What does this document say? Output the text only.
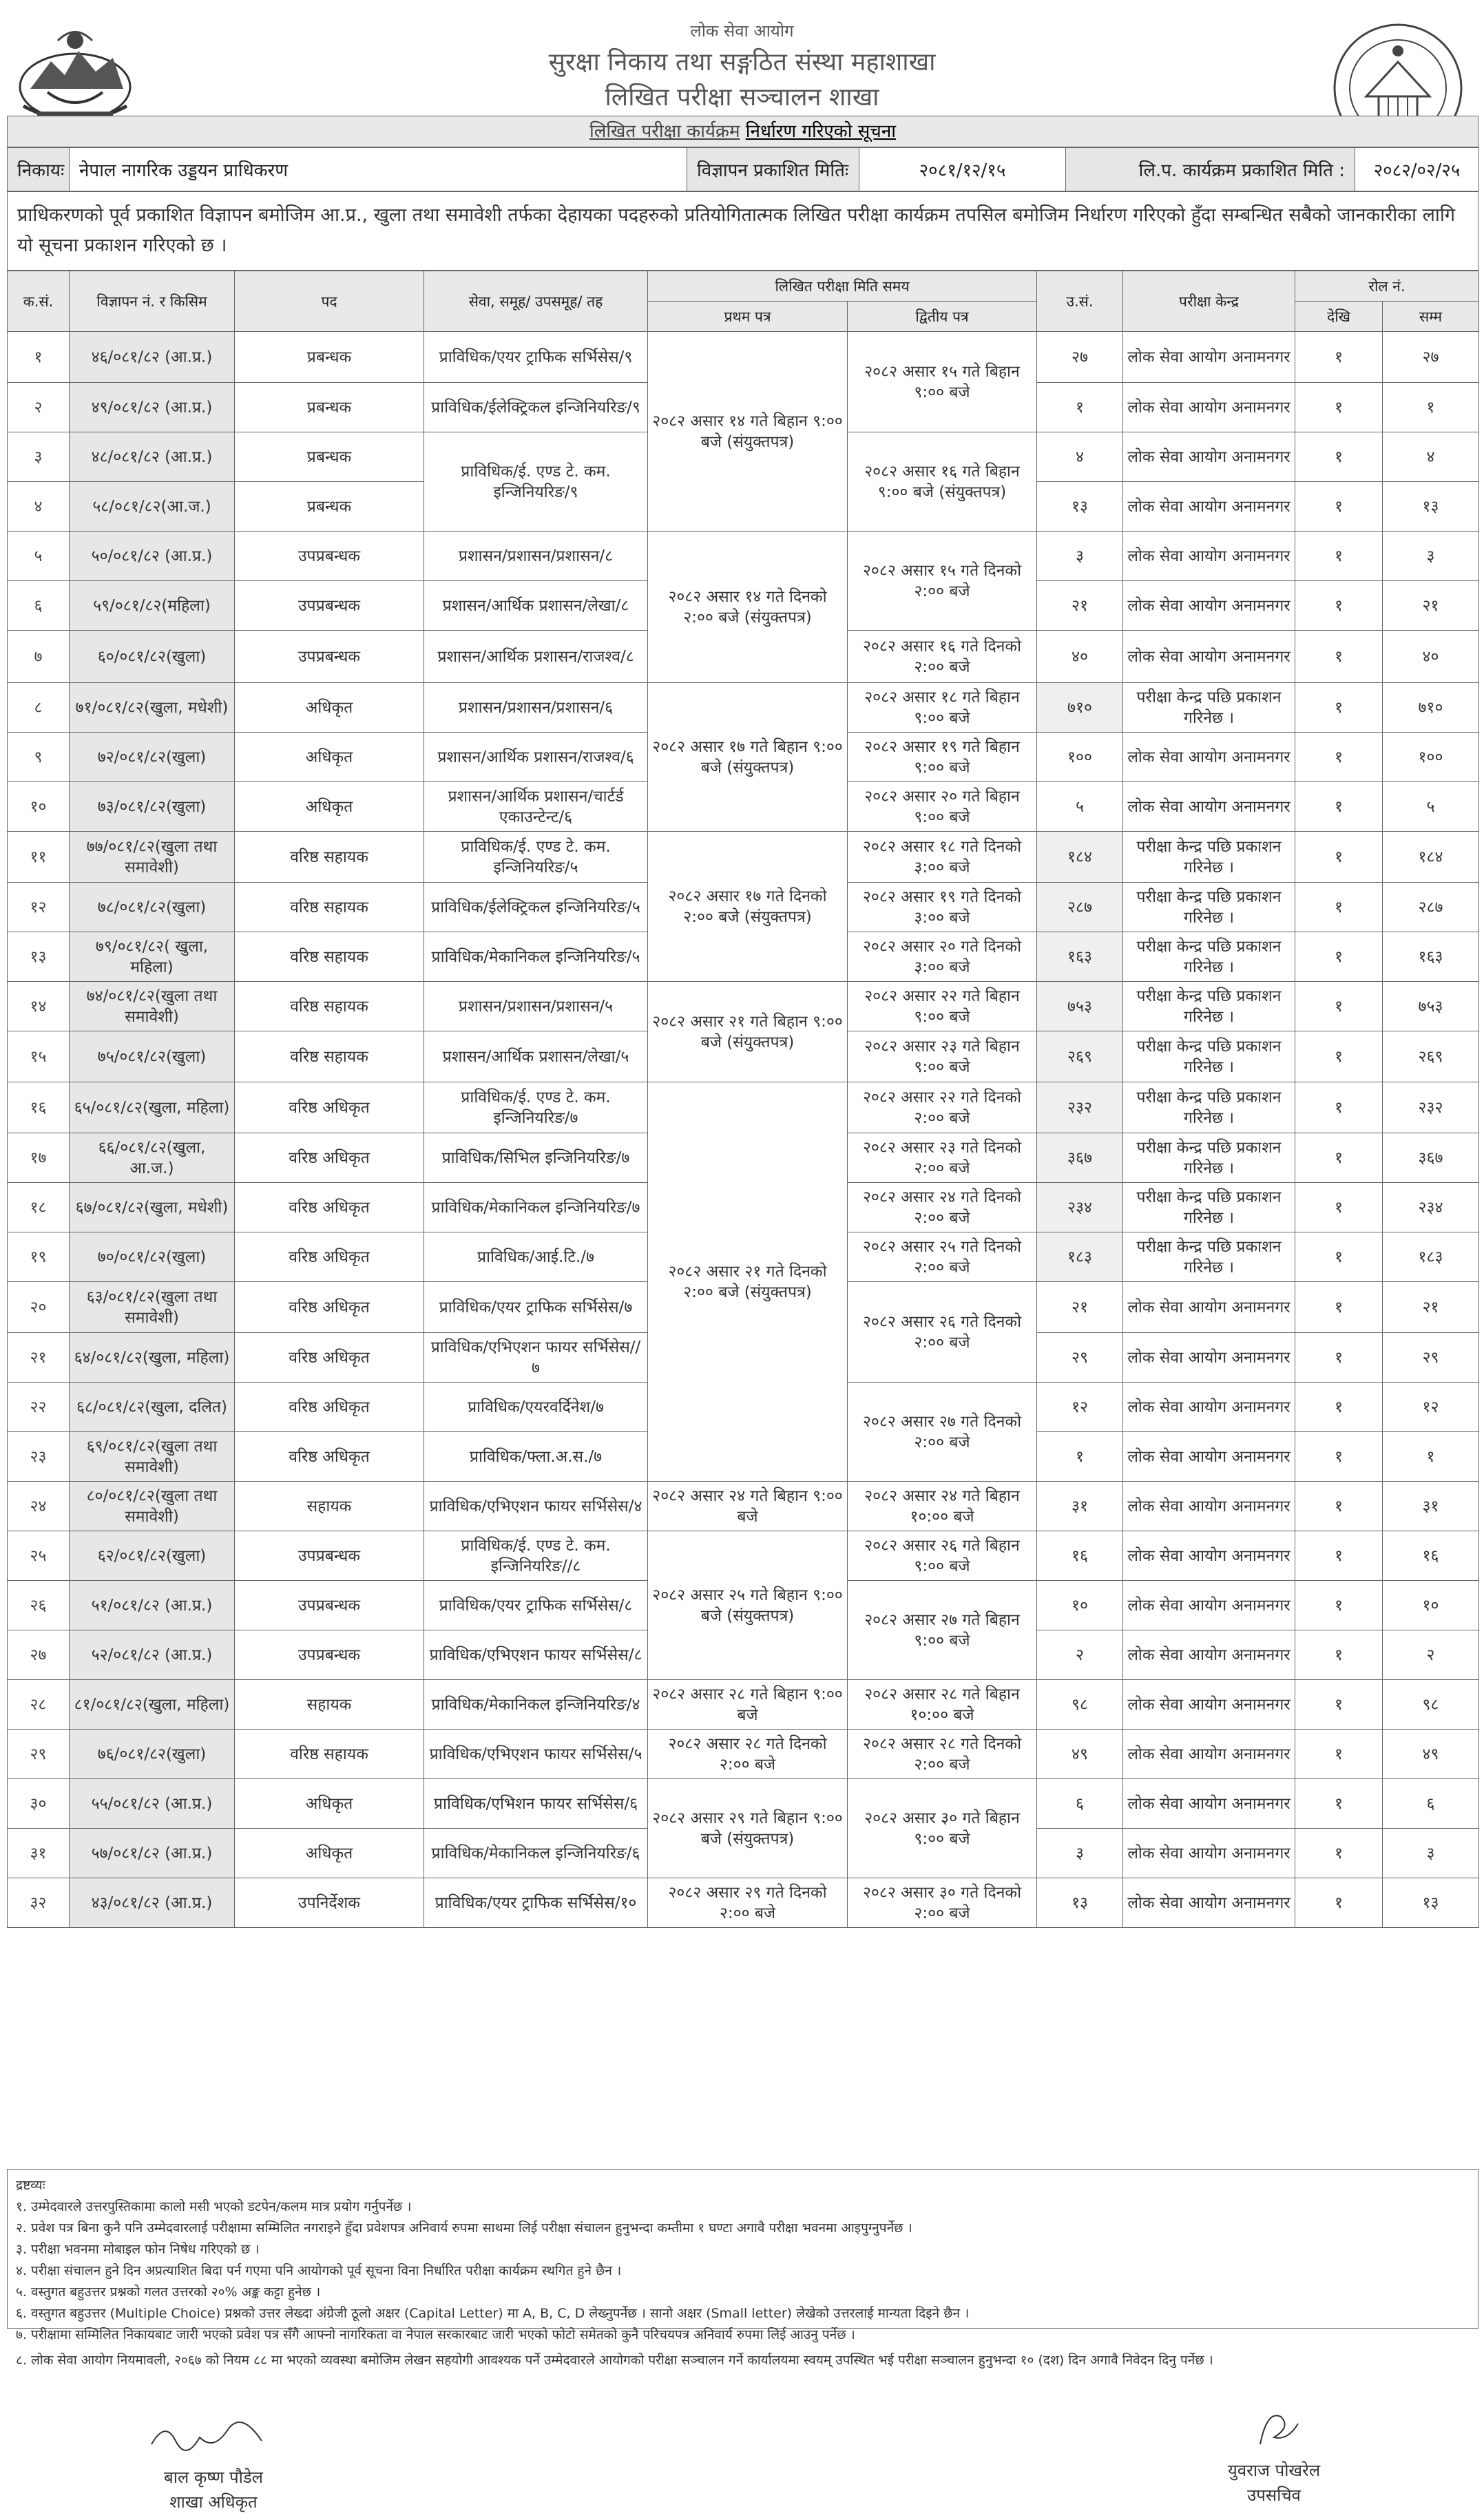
लोक सेवा आयोग
सुरक्षा निकाय तथा सङ्गठित संस्था महाशाखा
लिखित परीक्षा सञ्चालन शाखा
लिखित परीक्षा कार्यक्रम निर्धारण गरिएको सूचना
निकायः	नेपाल नागरिक उड्डयन प्राधिकरण	विज्ञापन प्रकाशित मितिः	२०८१/१२/१५	लि.प. कार्यक्रम प्रकाशित मिति :	२०८२/०२/२५
प्राधिकरणको पूर्व प्रकाशित विज्ञापन बमोजिम आ.प्र., खुला तथा समावेशी तर्फका देहायका पदहरुको प्रतियोगितात्मक लिखित परीक्षा कार्यक्रम तपसिल बमोजिम निर्धारण गरिएको हुँदा सम्बन्धित सबैको जानकारीका लागि यो सूचना प्रकाशन गरिएको छ ।
क.सं.	विज्ञापन नं. र किसिम	पद	सेवा, समूह/ उपसमूह/ तह	लिखित परीक्षा मिति समय		उ.सं.	परीक्षा केन्द्र	रोल नं.	
				प्रथम पत्र	द्वितीय पत्र			देखि	सम्म
१	४६/०८१/८२ (आ.प्र.)	प्रबन्धक	प्राविधिक/एयर ट्राफिक सर्भिसेस/९	२०८२ असार १४ गते बिहान ९:०० बजे (संयुक्तपत्र)	२०८२ असार १५ गते बिहान ९:०० बजे	२७	लोक सेवा आयोग अनामनगर	१	२७
२	४९/०८१/८२ (आ.प्र.)	प्रबन्धक	प्राविधिक/ईलेक्ट्रिकल इन्जिनियरिङ/९			१	लोक सेवा आयोग अनामनगर	१	१
३	४८/०८१/८२ (आ.प्र.)	प्रबन्धक	प्राविधिक/ई. एण्ड टे. कम. इन्जिनियरिङ/९		२०८२ असार १६ गते बिहान ९:०० बजे (संयुक्तपत्र)	४	लोक सेवा आयोग अनामनगर	१	४
४	५८/०८१/८२(आ.ज.)	प्रबन्धक				१३	लोक सेवा आयोग अनामनगर	१	१३
५	५०/०८१/८२ (आ.प्र.)	उपप्रबन्धक	प्रशासन/प्रशासन/प्रशासन/८	२०८२ असार १४ गते दिनको २:०० बजे (संयुक्तपत्र)	२०८२ असार १५ गते दिनको २:०० बजे	३	लोक सेवा आयोग अनामनगर	१	३
६	५९/०८१/८२(महिला)	उपप्रबन्धक	प्रशासन/आर्थिक प्रशासन/लेखा/८			२१	लोक सेवा आयोग अनामनगर	१	२१
७	६०/०८१/८२(खुला)	उपप्रबन्धक	प्रशासन/आर्थिक प्रशासन/राजश्व/८		२०८२ असार १६ गते दिनको २:०० बजे	४०	लोक सेवा आयोग अनामनगर	१	४०
८	७१/०८१/८२(खुला, मधेशी)	अधिकृत	प्रशासन/प्रशासन/प्रशासन/६	२०८२ असार १७ गते बिहान ९:०० बजे (संयुक्तपत्र)	२०८२ असार १८ गते बिहान ९:०० बजे	७१०	परीक्षा केन्द्र पछि प्रकाशन गरिनेछ ।	१	७१०
९	७२/०८१/८२(खुला)	अधिकृत	प्रशासन/आर्थिक प्रशासन/राजश्व/६		२०८२ असार १९ गते बिहान ९:०० बजे	१००	लोक सेवा आयोग अनामनगर	१	१००
१०	७३/०८१/८२(खुला)	अधिकृत	प्रशासन/आर्थिक प्रशासन/चार्टर्ड एकाउन्टेन्ट/६		२०८२ असार २० गते बिहान ९:०० बजे	५	लोक सेवा आयोग अनामनगर	१	५
११	७७/०८१/८२(खुला तथा समावेशी)	वरिष्ठ सहायक	प्राविधिक/ई. एण्ड टे. कम. इन्जिनियरिङ/५	२०८२ असार १७ गते दिनको २:०० बजे (संयुक्तपत्र)	२०८२ असार १८ गते दिनको ३:०० बजे	१८४	परीक्षा केन्द्र पछि प्रकाशन गरिनेछ ।	१	१८४
१२	७८/०८१/८२(खुला)	वरिष्ठ सहायक	प्राविधिक/ईलेक्ट्रिकल इन्जिनियरिङ/५		२०८२ असार १९ गते दिनको ३:०० बजे	२८७	परीक्षा केन्द्र पछि प्रकाशन गरिनेछ ।	१	२८७
१३	७९/०८१/८२( खुला, महिला)	वरिष्ठ सहायक	प्राविधिक/मेकानिकल इन्जिनियरिङ/५		२०८२ असार २० गते दिनको ३:०० बजे	१६३	परीक्षा केन्द्र पछि प्रकाशन गरिनेछ ।	१	१६३
१४	७४/०८१/८२(खुला तथा समावेशी)	वरिष्ठ सहायक	प्रशासन/प्रशासन/प्रशासन/५	२०८२ असार २१ गते बिहान ९:०० बजे (संयुक्तपत्र)	२०८२ असार २२ गते बिहान ९:०० बजे	७५३	परीक्षा केन्द्र पछि प्रकाशन गरिनेछ ।	१	७५३
१५	७५/०८१/८२(खुला)	वरिष्ठ सहायक	प्रशासन/आर्थिक प्रशासन/लेखा/५		२०८२ असार २३ गते बिहान ९:०० बजे	२६९	परीक्षा केन्द्र पछि प्रकाशन गरिनेछ ।	१	२६९
१६	६५/०८१/८२(खुला, महिला)	वरिष्ठ अधिकृत	प्राविधिक/ई. एण्ड टे. कम. इन्जिनियरिङ/७	२०८२ असार २१ गते दिनको २:०० बजे (संयुक्तपत्र)	२०८२ असार २२ गते दिनको २:०० बजे	२३२	परीक्षा केन्द्र पछि प्रकाशन गरिनेछ ।	१	२३२
१७	६६/०८१/८२(खुला, आ.ज.)	वरिष्ठ अधिकृत	प्राविधिक/सिभिल इन्जिनियरिङ/७		२०८२ असार २३ गते दिनको २:०० बजे	३६७	परीक्षा केन्द्र पछि प्रकाशन गरिनेछ ।	१	३६७
१८	६७/०८१/८२(खुला, मधेशी)	वरिष्ठ अधिकृत	प्राविधिक/मेकानिकल इन्जिनियरिङ/७		२०८२ असार २४ गते दिनको २:०० बजे	२३४	परीक्षा केन्द्र पछि प्रकाशन गरिनेछ ।	१	२३४
१९	७०/०८१/८२(खुला)	वरिष्ठ अधिकृत	प्राविधिक/आई.टि./७		२०८२ असार २५ गते दिनको २:०० बजे	१८३	परीक्षा केन्द्र पछि प्रकाशन गरिनेछ ।	१	१८३
२०	६३/०८१/८२(खुला तथा समावेशी)	वरिष्ठ अधिकृत	प्राविधिक/एयर ट्राफिक सर्भिसेस/७		२०८२ असार २६ गते दिनको २:०० बजे	२१	लोक सेवा आयोग अनामनगर	१	२१
२१	६४/०८१/८२(खुला, महिला)	वरिष्ठ अधिकृत	प्राविधिक/एभिएशन फायर सर्भिसेस//७			२९	लोक सेवा आयोग अनामनगर	१	२९
२२	६८/०८१/८२(खुला, दलित)	वरिष्ठ अधिकृत	प्राविधिक/एयरवर्दिनेश/७		२०८२ असार २७ गते दिनको २:०० बजे	१२	लोक सेवा आयोग अनामनगर	१	१२
२३	६९/०८१/८२(खुला तथा समावेशी)	वरिष्ठ अधिकृत	प्राविधिक/फ्ला.अ.स./७			१	लोक सेवा आयोग अनामनगर	१	१
२४	८०/०८१/८२(खुला तथा समावेशी)	सहायक	प्राविधिक/एभिएशन फायर सर्भिसेस/४	२०८२ असार २४ गते बिहान ९:०० बजे	२०८२ असार २४ गते बिहान १०:०० बजे	३१	लोक सेवा आयोग अनामनगर	१	३१
२५	६२/०८१/८२(खुला)	उपप्रबन्धक	प्राविधिक/ई. एण्ड टे. कम. इन्जिनियरिङ//८	२०८२ असार २५ गते बिहान ९:०० बजे (संयुक्तपत्र)	२०८२ असार २६ गते बिहान ९:०० बजे	१६	लोक सेवा आयोग अनामनगर	१	१६
२६	५१/०८१/८२ (आ.प्र.)	उपप्रबन्धक	प्राविधिक/एयर ट्राफिक सर्भिसेस/८		२०८२ असार २७ गते बिहान ९:०० बजे	१०	लोक सेवा आयोग अनामनगर	१	१०
२७	५२/०८१/८२ (आ.प्र.)	उपप्रबन्धक	प्राविधिक/एभिएशन फायर सर्भिसेस/८			२	लोक सेवा आयोग अनामनगर	१	२
२८	८१/०८१/८२(खुला, महिला)	सहायक	प्राविधिक/मेकानिकल इन्जिनियरिङ/४	२०८२ असार २८ गते बिहान ९:०० बजे	२०८२ असार २८ गते बिहान १०:०० बजे	९८	लोक सेवा आयोग अनामनगर	१	९८
२९	७६/०८१/८२(खुला)	वरिष्ठ सहायक	प्राविधिक/एभिएशन फायर सर्भिसेस/५	२०८२ असार २८ गते दिनको २:०० बजे	२०८२ असार २८ गते दिनको २:०० बजे	४९	लोक सेवा आयोग अनामनगर	१	४९
३०	५५/०८१/८२ (आ.प्र.)	अधिकृत	प्राविधिक/एभिशन फायर सर्भिसेस/६	२०८२ असार २९ गते बिहान ९:०० बजे (संयुक्तपत्र)	२०८२ असार ३० गते बिहान ९:०० बजे	६	लोक सेवा आयोग अनामनगर	१	६
३१	५७/०८१/८२ (आ.प्र.)	अधिकृत	प्राविधिक/मेकानिकल इन्जिनियरिङ/६			३	लोक सेवा आयोग अनामनगर	१	३
३२	४३/०८१/८२ (आ.प्र.)	उपनिर्देशक	प्राविधिक/एयर ट्राफिक सर्भिसेस/१०	२०८२ असार २९ गते दिनको २:०० बजे	२०८२ असार ३० गते दिनको २:०० बजे	१३	लोक सेवा आयोग अनामनगर	१	१३
द्रष्टव्यः
१. उम्मेदवारले उत्तरपुस्तिकामा कालो मसी भएको डटपेन/कलम मात्र प्रयोग गर्नुपर्नेछ ।
२. प्रवेश पत्र बिना कुनै पनि उम्मेदवारलाई परीक्षामा सम्मिलित नगराइने हुँदा प्रवेशपत्र अनिवार्य रुपमा साथमा लिई परीक्षा संचालन हुनुभन्दा कम्तीमा १ घण्टा अगावै परीक्षा भवनमा आइपुग्नुपर्नेछ ।
३. परीक्षा भवनमा मोबाइल फोन निषेध गरिएको छ ।
४. परीक्षा संचालन हुने दिन अप्रत्याशित बिदा पर्न गएमा पनि आयोगको पूर्व सूचना विना निर्धारित परीक्षा कार्यक्रम स्थगित हुने छैन ।
५. वस्तुगत बहुउत्तर प्रश्नको गलत उत्तरको २०% अङ्क कट्टा हुनेछ ।
६. वस्तुगत बहुउत्तर (Multiple Choice) प्रश्नको उत्तर लेख्दा अंग्रेजी ठूलो अक्षर (Capital Letter) मा A, B, C, D लेख्नुपर्नेछ । सानो अक्षर (Small letter) लेखेको उत्तरलाई मान्यता दिइने छैन ।
७. परीक्षामा सम्मिलित निकायबाट जारी भएको प्रवेश पत्र सँगै आफ्नो नागरिकता वा नेपाल सरकारबाट जारी भएको फोटो समेतको कुनै परिचयपत्र अनिवार्य रुपमा लिई आउनु पर्नेछ ।
८. लोक सेवा आयोग नियमावली, २०६७ को नियम ८८ मा भएको व्यवस्था बमोजिम लेखन सहयोगी आवश्यक पर्ने उम्मेदवारले आयोगको परीक्षा सञ्चालन गर्ने कार्यालयमा स्वयम् उपस्थित भई परीक्षा सञ्चालन हुनुभन्दा १० (दश) दिन अगावै निवेदन दिनु पर्नेछ ।
बाल कृष्ण पौडेल
शाखा अधिकृत
युवराज पोखरेल
उपसचिव
